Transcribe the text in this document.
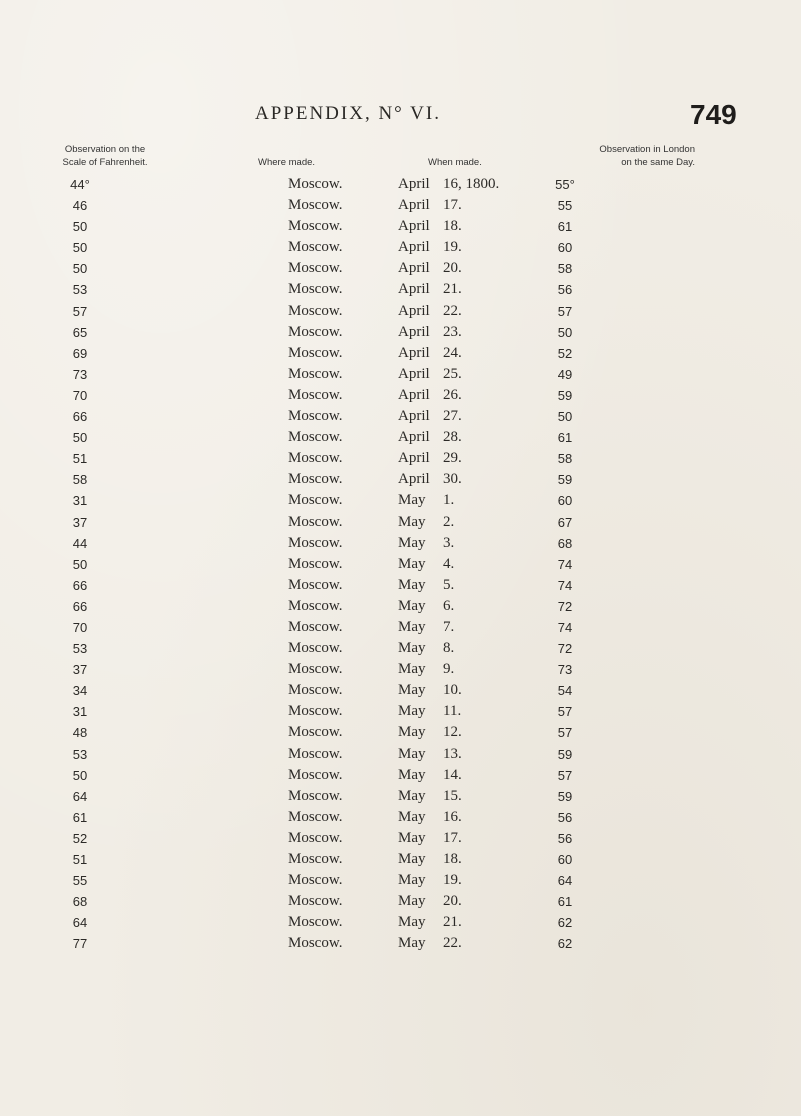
APPENDIX, N° VI.	749
Observation on the
Scale of Fahrenheit.	Where made.	When made.
Observation in London
on the same Day.
44°	Moscow.	April 16, 1800.	55°
46	Moscow.	April 17.	55
50	Moscow.	April 18.	61
50	Moscow.	April 19.	60
50	Moscow.	April 20.	58
53	Moscow.	April 21.	56
57	Moscow.	April 22.	57
65	Moscow.	April 23.	50
69	Moscow.	April 24.	52
73	Moscow.	April 25.	49
70	Moscow.	April 26.	59
66	Moscow.	April 27.	50
50	Moscow.	April 28.	61
51	Moscow.	April 29.	58
58	Moscow.	April 30.	59
31	Moscow.	May 1.	60
37	Moscow.	May 2.	67
44	Moscow.	May 3.	68
50	Moscow.	May 4.	74
66	Moscow.	May 5.	74
66	Moscow.	May 6.	72
70	Moscow.	May 7.	74
53	Moscow.	May 8.	72
37	Moscow.	May 9.	73
34	Moscow.	May 10.	54
31	Moscow.	May 11.	57
48	Moscow.	May 12.	57
53	Moscow.	May 13.	59
50	Moscow.	May 14.	57
64	Moscow.	May 15.	59
61	Moscow.	May 16.	56
52	Moscow.	May 17.	56
51	Moscow.	May 18.	60
55	Moscow.	May 19.	64
68	Moscow.	May 20.	61
64	Moscow.	May 21.	62
77	Moscow.	May 22.	62
